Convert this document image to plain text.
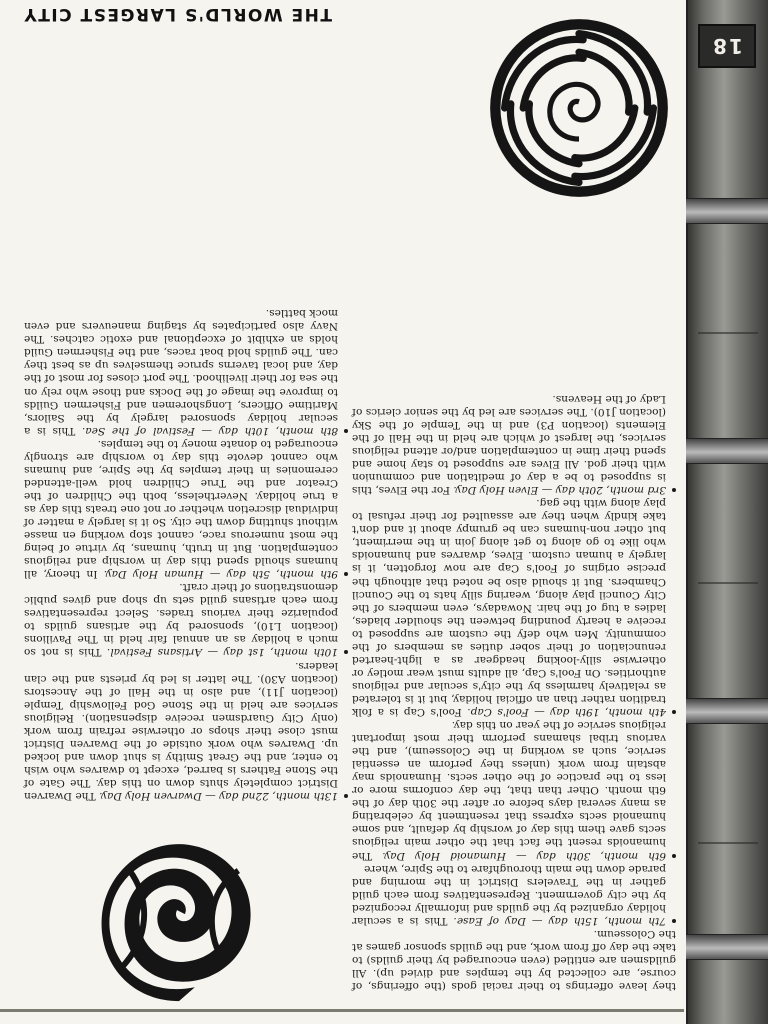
18

they leave offerings to their racial gods (the offerings, of course, are collected by the temples and divied up). All guildsmen are entitled (even encouraged by their guilds) to take the day off from work, and the guilds sponsor games at the Colosseum.

7th month, 15th day — Day of Ease. This is a secular holiday organized by the guilds and informally recognized by the city government. Representatives from each guild gather in the Travelers District in the morning and parade down the main thoroughfare to the Spire, where

6th month, 30th day — Humanoid Holy Day. The humanoids resent the fact that the other main religious sects gave them this day of worship by default, and some humanoid sects express that resentment by celebrating as many several days before or after the 30th day of the 6th month. Other than that, the day conforms more or less to the practice of the other sects. Humanoids may abstain from work (unless they perform an essential service, such as working in the Colosseum), and the various tribal shamans perform their most important religious service of the year on this day.

4th month, 19th day — Fool's Cap. Fool's Cap is a folk tradition rather than an official holiday, but it is tolerated as relatively harmless by the city's secular and religious authorities. On Fool's Cap, all adults must wear motley or otherwise silly-looking headgear as a light-hearted renunciation of their sober duties as members of the community. Men who defy the custom are supposed to receive a hearty pounding between the shoulder blades, ladies a tug of the hair. Nowadays, even members of the City Council play along, wearing silly hats to the Council Chambers. But it should also be noted that although the precise origins of Fool's Cap are now forgotten, it is largely a human custom. Elves, dwarves and humanoids who like to go along to get along join in the merriment, but other non-humans can be grumpy about it and don't take kindly when they are assaulted for their refusal to play along with the gag.

3rd month, 20th day — Elven Holy Day. For the Elves, this is supposed to be a day of meditation and communion with their god. All Elves are supposed to stay home and spend their time in contemplation and/or attend religious services, the largest of which are held in the Hall of the Elements (location P3) and in the Temple of the Sky (location J10). The services are led by the senior clerics of Lady of the Heavens.

13th month, 22nd day — Dwarven Holy Day. The Dwarven District completely shuts down on this day. The Gate of the Stone Fathers is barred, except to dwarves who wish to enter, and the Great Smithy is shut down and locked up. Dwarves who work outside of the Dwarven District must close their shops or otherwise refrain from work (only City Guardsmen receive dispensation). Religious services are held in the Stone God Fellowship Temple (location J11), and also in the Hall of the Ancestors (location A30). The latter is led by priests and the clan leaders.

10th month, 1st day — Artisans Festival. This is not so much a holiday as an annual fair held in The Pavilions (location L10), sponsored by the artisans guilds to popularize their various trades. Select representatives from each artisans guild sets up shop and gives public demonstrations of their craft.

9th month, 5th day — Human Holy Day. In theory, all humans should spend this day in worship and religious contemplation. But in truth, humans, by virtue of being the most numerous race, cannot stop working en masse without shutting down the city. So it is largely a matter of individual discretion whether or not one treats this day as a true holiday. Nevertheless, both the Children of the Creator and the True Children hold well-attended ceremonies in their temples by the Spire, and humans who cannot devote this day to worship are strongly encouraged to donate money to the temples.

8th month, 10th day — Festival of the Sea. This is a secular holiday sponsored largely by the Sailors, Maritime Officers, Longshoremen and Fishermen Guilds to improve the image of the Docks and those who rely on the sea for their livelihood. The port closes for most of the day, and local taverns spruce themselves up as best they can. The guilds hold boat races, and the Fishermen Guild holds an exhibit of exceptional and exotic catches. The Navy also participates by staging maneuvers and even mock battles.

THE WORLD'S LARGEST CITY
